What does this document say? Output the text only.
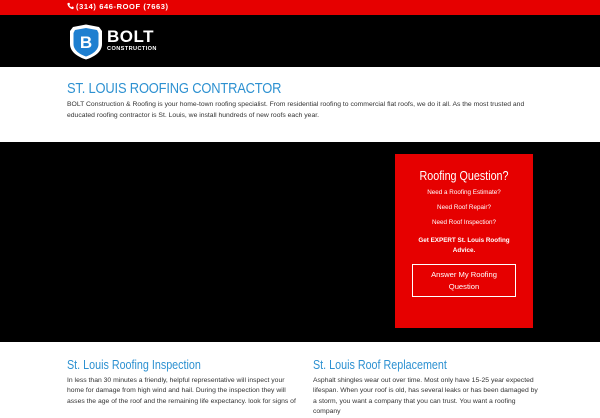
(314) 646-ROOF (7663)
B BOLT
CONSTRUCTION
ST. LOUIS ROOFING CONTRACTOR

BOLT Construction & Roofing is your home-town roofing specialist. From residential roofing to commercial flat roofs, we do it all. As the most trusted and educated roofing contractor is St. Louis, we install hundreds of new roofs each year.

Roofing Question?
Need a Roofing Estimate?
Need Roof Repair?
Need Roof Inspection?
Get EXPERT St. Louis Roofing Advice.
Answer My Roofing Question
St. Louis Roofing Inspection

In less than 30 minutes a friendly, helpful representative will inspect your home for damage from high wind and hail. During the inspection they will asses the age of the roof and the remaining life expectancy. look for signs of

St. Louis Roof Replacement

Asphalt shingles wear out over time. Most only have 15-25 year expected lifespan. When your roof is old, has several leaks or has been damaged by a storm, you want a company that you can trust. You want a roofing company
